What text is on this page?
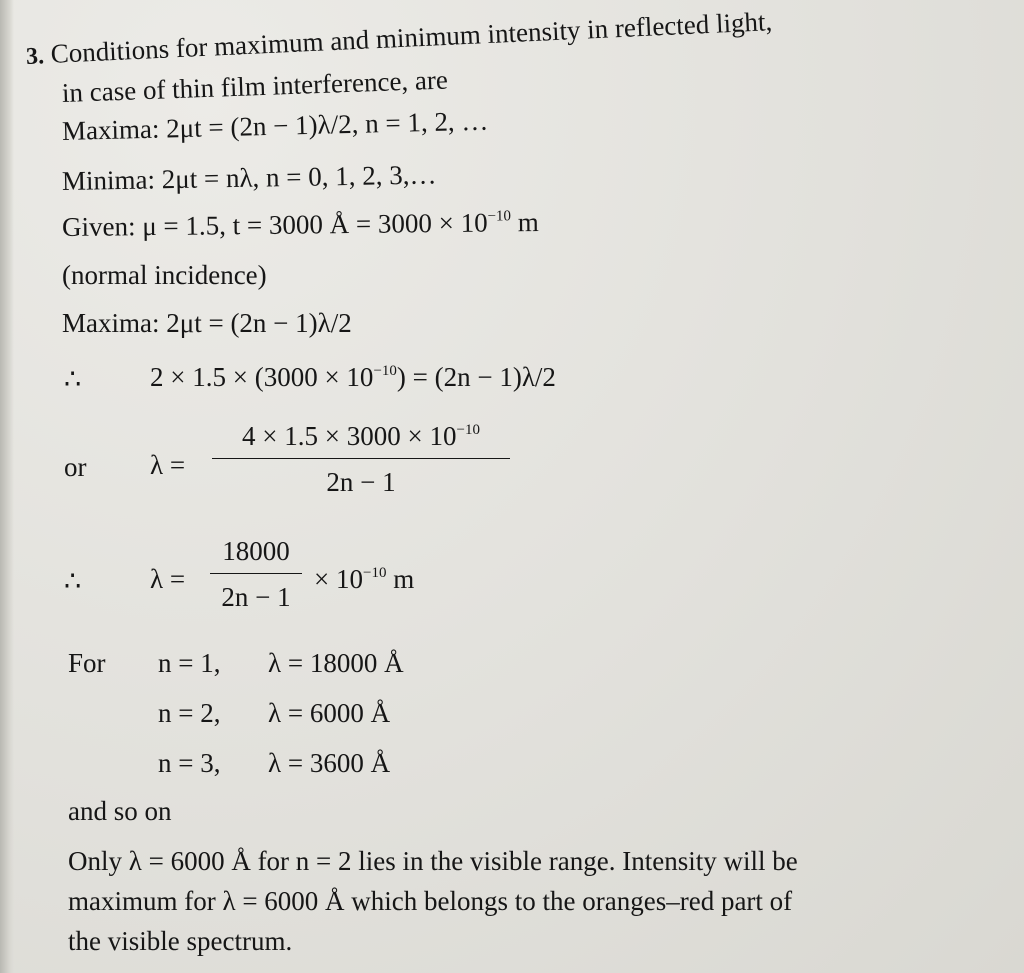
3. Conditions for maximum and minimum intensity in reflected light,
in case of thin film interference, are
Maxima: 2μt = (2n − 1)λ/2, n = 1, 2, …
Minima: 2μt = nλ, n = 0, 1, 2, 3,…
Given: μ = 1.5, t = 3000 Å = $3000 \times 10^{-10}$ m
(normal incidence)
Maxima: 2μt = (2n − 1)λ/2
∴	$2 \times 1.5 \times (3000 \times 10^{-10}) = (2n - 1)\lambda/2$
or λ =
$4 \times 1.5 \times 3000 \times 10^{-10}$
2n − 1
∴	λ =
18000
2n − 1
× $10^{-10}$ m
For n = 1, λ = 18000 Å
n = 2, λ = 6000 Å
n = 3, λ = 3600 Å
and so on
Only λ = 6000 Å for n = 2 lies in the visible range. Intensity will be
maximum for λ = 6000 Å which belongs to the oranges–red part of
the visible spectrum.
